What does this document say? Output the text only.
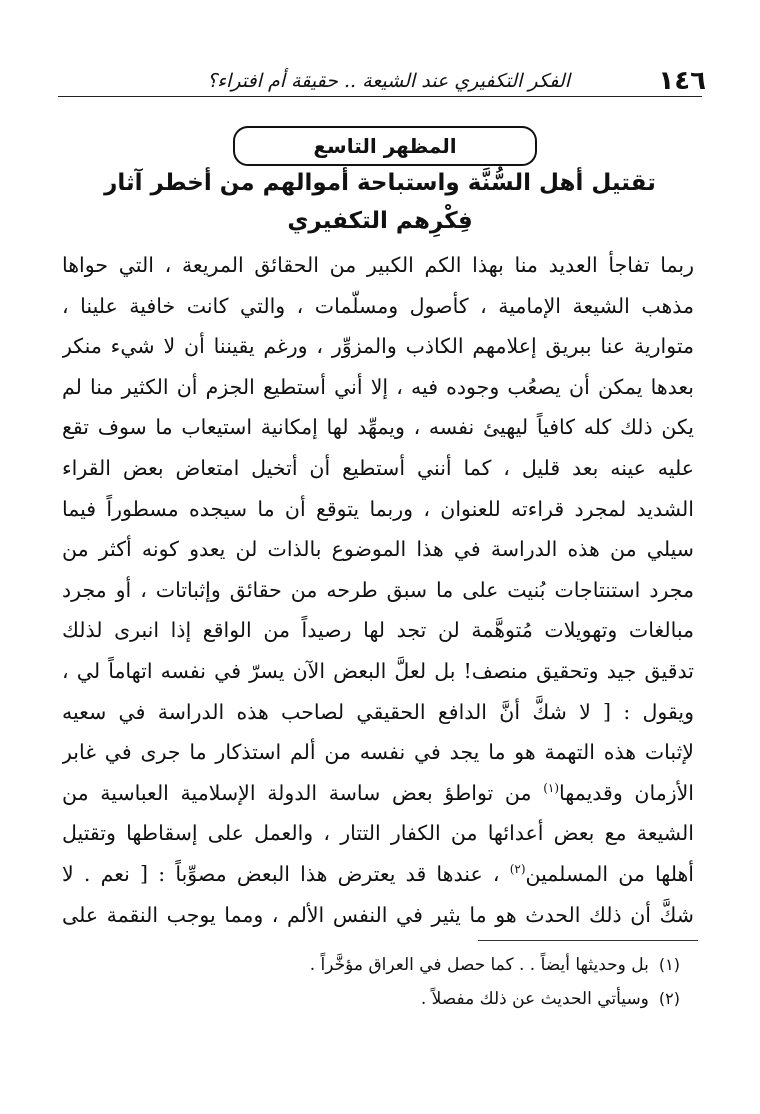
١٤٦
الفكر التكفيري عند الشيعة .. حقيقة أم افتراء؟
المظهر التاسع
تقتيل أهل السُّنَّة واستباحة أموالهم من أخطر آثار
فِكْرِهم التكفيري
ربما تفاجأ العديد منا بهذا الكم الكبير من الحقائق المريعة ، التي حواها
مذهب الشيعة الإمامية ، كأصول ومسلّمات ، والتي كانت خافية علينا ،
متوارية عنا ببريق إعلامهم الكاذب والمزوِّر ، ورغم يقيننا أن لا شيء منكر
بعدها يمكن أن يصعُب وجوده فيه ، إلا أني أستطيع الجزم أن الكثير منا لم
يكن ذلك كله كافياً ليهيئ نفسه ، ويمهِّد لها إمكانية استيعاب ما سوف تقع
عليه عينه بعد قليل ، كما أنني أستطيع أن أتخيل امتعاض بعض القراء
الشديد لمجرد قراءته للعنوان ، وربما يتوقع أن ما سيجده مسطوراً فيما
سيلي من هذه الدراسة في هذا الموضوع بالذات لن يعدو كونه أكثر من
مجرد استنتاجات بُنيت على ما سبق طرحه من حقائق وإثباتات ، أو مجرد
مبالغات وتهويلات مُتوهَّمة لن تجد لها رصيداً من الواقع إذا انبرى لذلك
تدقيق جيد وتحقيق منصف! بل لعلَّ البعض الآن يسرّ في نفسه اتهاماً لي ،
ويقول : [ لا شكَّ أنَّ الدافع الحقيقي لصاحب هذه الدراسة في سعيه
لإثبات هذه التهمة هو ما يجد في نفسه من ألم استذكار ما جرى في غابر
الأزمان وقديمها$^{(١)}$ من تواطؤ بعض ساسة الدولة الإسلامية العباسية من
الشيعة مع بعض أعدائها من الكفار التتار ، والعمل على إسقاطها وتقتيل
أهلها من المسلمين$^{(٢)}$ ، عندها قد يعترض هذا البعض مصوِّباً : [ نعم . لا
شكَّ أن ذلك الحدث هو ما يثير في النفس الألم ، ومما يوجب النقمة على
(١)بل وحديثها أيضاً . . كما حصل في العراق مؤخَّراً .
(٢)وسيأتي الحديث عن ذلك مفصلاً .
